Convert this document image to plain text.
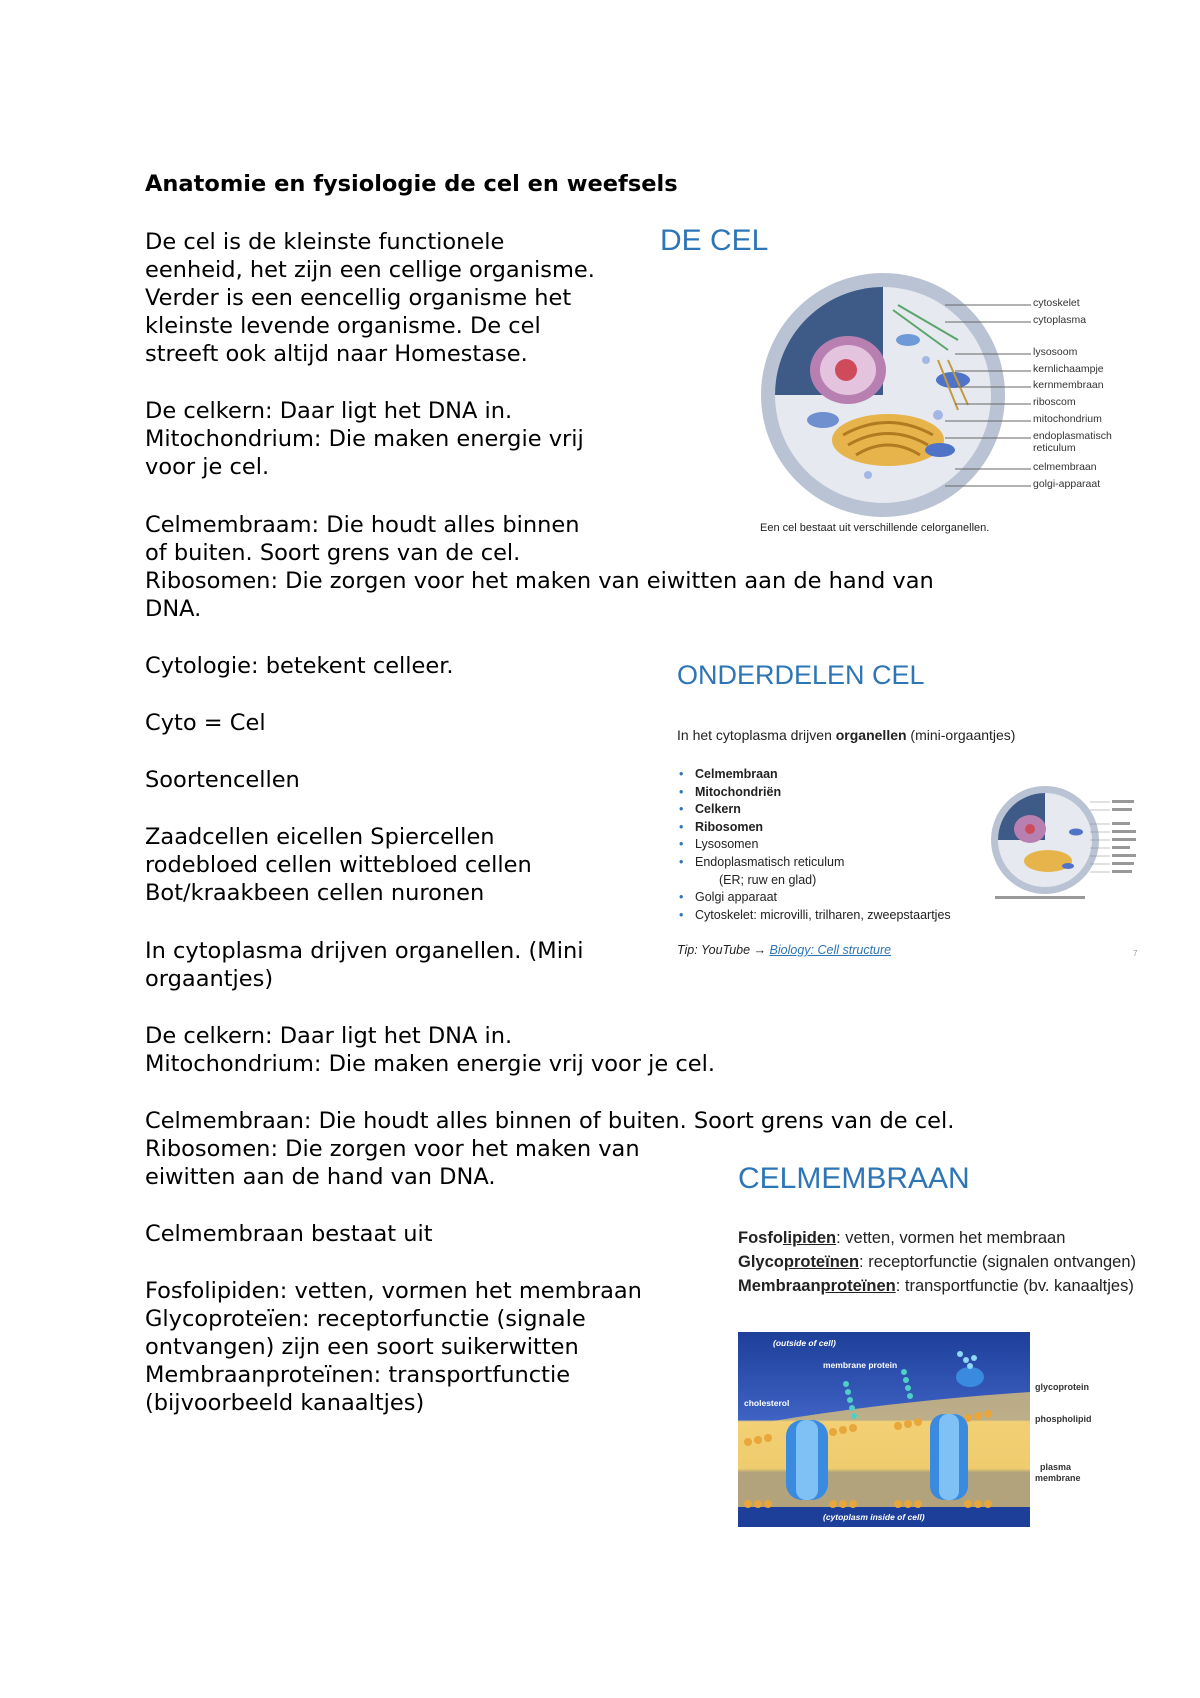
Anatomie en fysiologie de cel en weefsels
De cel is de kleinste functionele
eenheid, het zijn een cellige organisme.
Verder is een eencellig organisme het
kleinste levende organisme. De cel
streeft ook altijd naar Homestase.
De celkern: Daar ligt het DNA in.
Mitochondrium: Die maken energie vrij
voor je cel.
Celmembraam: Die houdt alles binnen
of buiten. Soort grens van de cel.
Ribosomen: Die zorgen voor het maken van eiwitten aan de hand van
DNA.
Cytologie: betekent celleer.
Cyto = Cel
Soortencellen
Zaadcellen eicellen Spiercellen
rodebloed cellen wittebloed cellen
Bot/kraakbeen cellen nuronen
In cytoplasma drijven organellen. (Mini
orgaantjes)
De celkern: Daar ligt het DNA in.
Mitochondrium: Die maken energie vrij voor je cel.
Celmembraan: Die houdt alles binnen of buiten. Soort grens van de cel.
Ribosomen: Die zorgen voor het maken van
eiwitten aan de hand van DNA.
Celmembraan bestaat uit
Fosfolipiden: vetten, vormen het membraan
Glycoproteïen: receptorfunctie (signale
ontvangen) zijn een soort suikerwitten
Membraanproteïnen: transportfunctie
(bijvoorbeeld kanaaltjes)
DE CEL
cytoskelet
cytoplasma
lysosoom
kernlichaampje
kernmembraan
riboscom
mitochondrium
endoplasmatisch
reticulum
celmembraan
golgi-apparaat
Een cel bestaat uit verschillende celorganellen.
ONDERDELEN CEL
In het cytoplasma drijven organellen (mini-orgaantjes)
• Celmembraan
• Mitochondriën
• Celkern
• Ribosomen
• Lysosomen
• Endoplasmatisch reticulum
(ER; ruw en glad)
• Golgi apparaat
• Cytoskelet: microvilli, trilharen, zweepstaartjes
Tip: YouTube → Biology: Cell structure	7
CELMEMBRAAN
Fosfolipiden: vetten, vormen het membraan
Glycoproteïnen: receptorfunctie (signalen ontvangen)
Membraanproteïnen: transportfunctie (bv. kanaaltjes)
(outside of cell)
membrane protein
cholesterol
(cytoplasm inside of cell)
glycoprotein
phospholipid
plasma
membrane
